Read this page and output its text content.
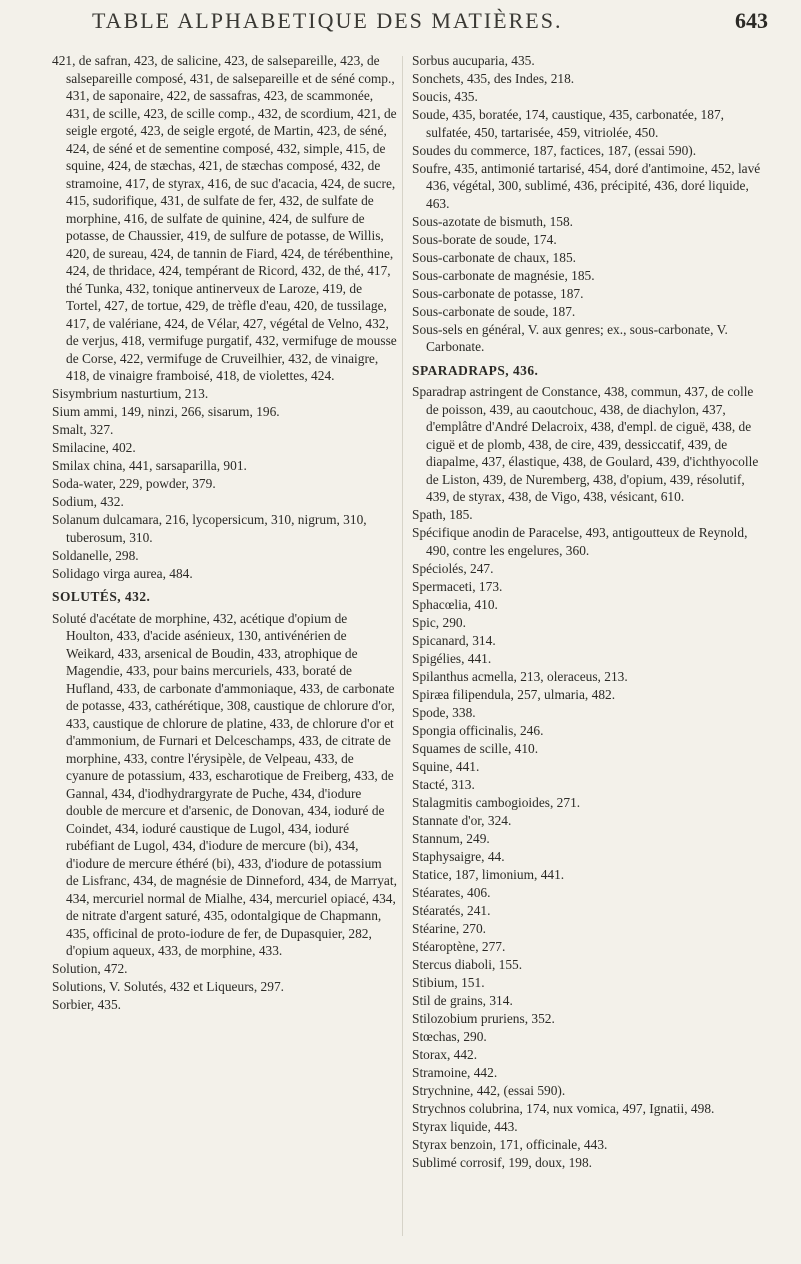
TABLE ALPHABETIQUE DES MATIÈRES.	643

421, de safran, 423, de salicine, 423, de salsepareille, 423, de salsepareille composé, 431, de salsepareille et de séné comp., 431, de saponaire, 422, de sassafras, 423, de scammonée, 431, de scille, 423, de scille comp., 432, de scordium, 421, de seigle ergoté, 423, de seigle ergoté, de Martin, 423, de séné, 424, de séné et de sementine composé, 432, simple, 415, de squine, 424, de stæchas, 421, de stæchas composé, 432, de stramoine, 417, de styrax, 416, de suc d'acacia, 424, de sucre, 415, sudorifique, 431, de sulfate de fer, 432, de sulfate de morphine, 416, de sulfate de quinine, 424, de sulfure de potasse, de Chaussier, 419, de sulfure de potasse, de Willis, 420, de sureau, 424, de tannin de Fiard, 424, de térébenthine, 424, de thridace, 424, tempérant de Ricord, 432, de thé, 417, thé Tunka, 432, tonique antinerveux de Laroze, 419, de Tortel, 427, de tortue, 429, de trèfle d'eau, 420, de tussilage, 417, de valériane, 424, de Vélar, 427, végétal de Velno, 432, de verjus, 418, vermifuge purgatif, 432, vermifuge de mousse de Corse, 422, vermifuge de Cruveilhier, 432, de vinaigre, 418, de vinaigre framboisé, 418, de violettes, 424.

Sisymbrium nasturtium, 213.

Sium ammi, 149, ninzi, 266, sisarum, 196.

Smalt, 327.

Smilacine, 402.

Smilax china, 441, sarsaparilla, 901.

Soda-water, 229, powder, 379.

Sodium, 432.

Solanum dulcamara, 216, lycopersicum, 310, nigrum, 310, tuberosum, 310.

Soldanelle, 298.

Solidago virga aurea, 484.

SOLUTÉS, 432.

Soluté d'acétate de morphine, 432, acétique d'opium de Houlton, 433, d'acide asénieux, 130, antivénérien de Weikard, 433, arsenical de Boudin, 433, atrophique de Magendie, 433, pour bains mercuriels, 433, boraté de Hufland, 433, de carbonate d'ammoniaque, 433, de carbonate de potasse, 433, cathérétique, 308, caustique de chlorure d'or, 433, caustique de chlorure de platine, 433, de chlorure d'or et d'ammonium, de Furnari et Delceschamps, 433, de citrate de morphine, 433, contre l'érysipèle, de Velpeau, 433, de cyanure de potassium, 433, escharotique de Freiberg, 433, de Gannal, 434, d'iodhydrargyrate de Puche, 434, d'iodure double de mercure et d'arsenic, de Donovan, 434, ioduré de Coindet, 434, ioduré caustique de Lugol, 434, ioduré rubéfiant de Lugol, 434, d'iodure de mercure (bi), 434, d'iodure de mercure éthéré (bi), 433, d'iodure de potassium de Lisfranc, 434, de magnésie de Dinneford, 434, de Marryat, 434, mercuriel normal de Mialhe, 434, mercuriel opiacé, 434, de nitrate d'argent saturé, 435, odontalgique de Chapmann, 435, officinal de proto-iodure de fer, de Dupasquier, 282, d'opium aqueux, 433, de morphine, 433.

Solution, 472.

Solutions, V. Solutés, 432 et Liqueurs, 297.

Sorbier, 435.

Sorbus aucuparia, 435.

Sonchets, 435, des Indes, 218.

Soucis, 435.

Soude, 435, boratée, 174, caustique, 435, carbonatée, 187, sulfatée, 450, tartarisée, 459, vitriolée, 450.

Soudes du commerce, 187, factices, 187, (essai 590).

Soufre, 435, antimonié tartarisé, 454, doré d'antimoine, 452, lavé 436, végétal, 300, sublimé, 436, précipité, 436, doré liquide, 463.

Sous-azotate de bismuth, 158.

Sous-borate de soude, 174.

Sous-carbonate de chaux, 185.

Sous-carbonate de magnésie, 185.

Sous-carbonate de potasse, 187.

Sous-carbonate de soude, 187.

Sous-sels en général, V. aux genres; ex., sous-carbonate, V. Carbonate.

SPARADRAPS, 436.

Sparadrap astringent de Constance, 438, commun, 437, de colle de poisson, 439, au caoutchouc, 438, de diachylon, 437, d'emplâtre d'André Delacroix, 438, d'empl. de ciguë, 438, de ciguë et de plomb, 438, de cire, 439, dessiccatif, 439, de diapalme, 437, élastique, 438, de Goulard, 439, d'ichthyocolle de Liston, 439, de Nuremberg, 438, d'opium, 439, résolutif, 439, de styrax, 438, de Vigo, 438, vésicant, 610.

Spath, 185.

Spécifique anodin de Paracelse, 493, antigoutteux de Reynold, 490, contre les engelures, 360.

Spéciolés, 247.

Spermaceti, 173.

Sphacœlia, 410.

Spic, 290.

Spicanard, 314.

Spigélies, 441.

Spilanthus acmella, 213, oleraceus, 213.

Spiræa filipendula, 257, ulmaria, 482.

Spode, 338.

Spongia officinalis, 246.

Squames de scille, 410.

Squine, 441.

Stacté, 313.

Stalagmitis cambogioides, 271.

Stannate d'or, 324.

Stannum, 249.

Staphysaigre, 44.

Statice, 187, limonium, 441.

Stéarates, 406.

Stéaratés, 241.

Stéarine, 270.

Stéaroptène, 277.

Stercus diaboli, 155.

Stibium, 151.

Stil de grains, 314.

Stilozobium pruriens, 352.

Stœchas, 290.

Storax, 442.

Stramoine, 442.

Strychnine, 442, (essai 590).

Strychnos colubrina, 174, nux vomica, 497, Ignatii, 498.

Styrax liquide, 443.

Styrax benzoin, 171, officinale, 443.

Sublimé corrosif, 199, doux, 198.
